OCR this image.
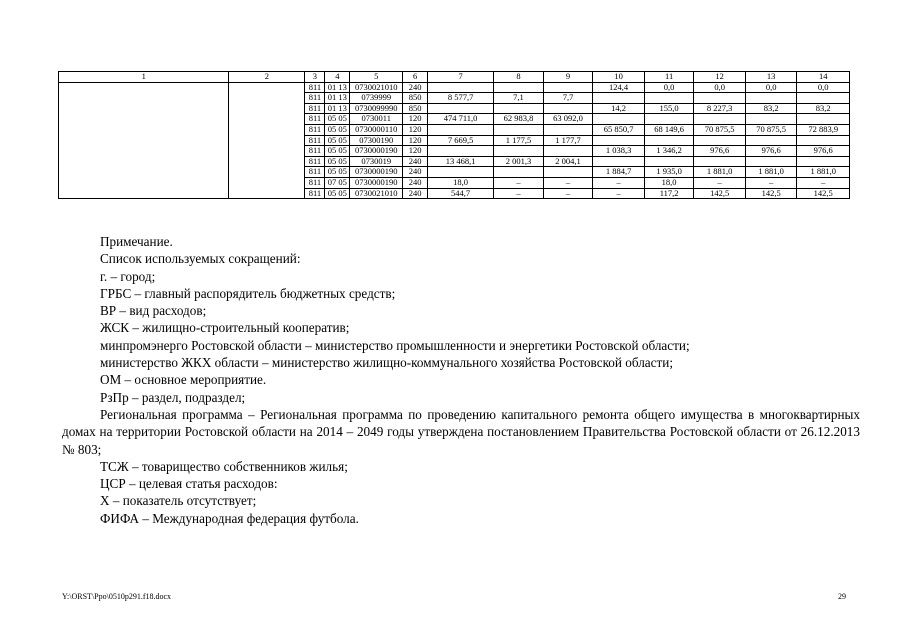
1	2	3	4	5	6	7	8	9	10	11	12	13	14
		811	01 13	0730021010	240				124,4	0,0	0,0	0,0	0,0
		811	01 13	0739999	850	8 577,7	7,1	7,7					
		811	01 13	0730099990	850				14,2	155,0	8 227,3	83,2	83,2
		811	05 05	0730011	120	474 711,0	62 983,8	63 092,0					
		811	05 05	0730000110	120				65 850,7	68 149,6	70 875,5	70 875,5	72 883,9
		811	05 05	07300190	120	7 669,5	1 177,5	1 177,7					
		811	05 05	0730000190	120				1 038,3	1 346,2	976,6	976,6	976,6
		811	05 05	0730019	240	13 468,1	2 001,3	2 004,1					
		811	05 05	0730000190	240				1 884,7	1 935,0	1 881,0	1 881,0	1 881,0
		811	07 05	0730000190	240	18,0	–	–	–	18,0	–	–	–
		811	05 05	0730021010	240	544,7	–	–	–	117,2	142,5	142,5	142,5

Примечание.

Список используемых сокращений:

г. – город;

ГРБС – главный распорядитель бюджетных средств;

ВР – вид расходов;

ЖСК – жилищно-строительный кооператив;

минпромэнерго Ростовской области – министерство промышленности и энергетики Ростовской области;

министерство ЖКХ области – министерство жилищно-коммунального хозяйства Ростовской области;

ОМ – основное мероприятие.

РзПр – раздел, подраздел;

Региональная программа – Региональная программа по проведению капитального ремонта общего имущества в многоквартирных домах на территории Ростовской области на 2014 – 2049 годы утверждена постановлением Правительства Ростовской области от 26.12.2013 № 803;

ТСЖ – товарищество собственников жилья;

ЦСР – целевая статья расходов:

Х – показатель отсутствует;

ФИФА – Международная федерация футбола.

Y:\ORST\Ppo\0510p291.f18.docx	29
